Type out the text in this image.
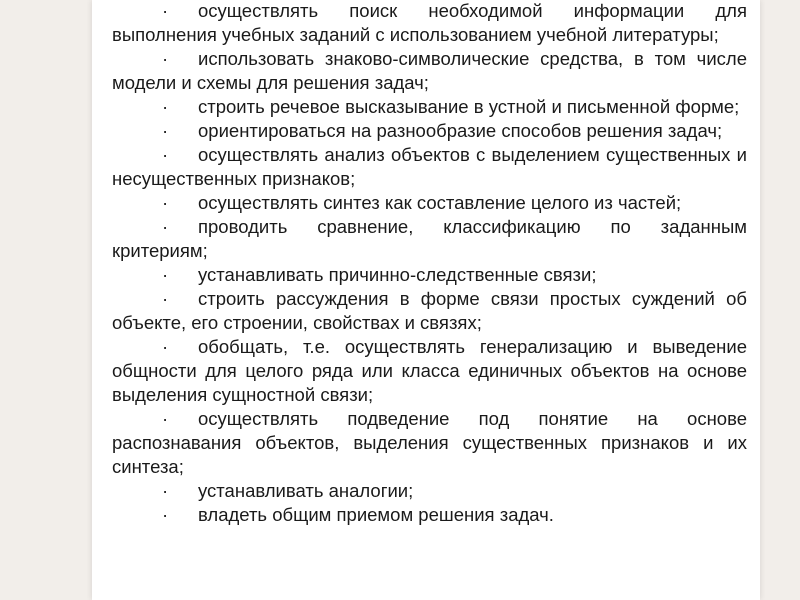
· осуществлять поиск необходимой информации для выполнения учебных заданий с использованием учебной литературы;

· использовать знаково-символические средства, в том числе модели и схемы для решения задач;

· строить речевое высказывание в устной и письменной форме;

· ориентироваться на разнообразие способов решения задач;

· осуществлять анализ объектов с выделением существенных и несущественных признаков;

· осуществлять синтез как составление целого из частей;

· проводить сравнение, классификацию по заданным критериям;

· устанавливать причинно-следственные связи;

· строить рассуждения в форме связи простых суждений об объекте, его строении, свойствах и связях;

· обобщать, т.е. осуществлять генерализацию и выведение общности для целого ряда или класса единичных объектов на основе выделения сущностной связи;

· осуществлять подведение под понятие на основе распознавания объектов, выделения существенных признаков и их синтеза;

· устанавливать аналогии;

· владеть общим приемом решения задач.
